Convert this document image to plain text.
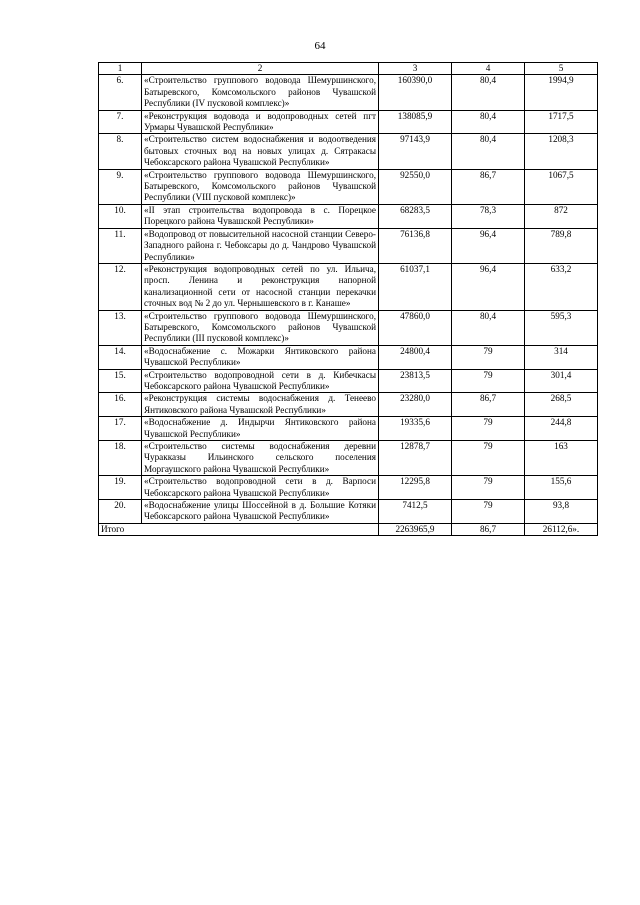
64
1	2	3	4	5
6.	«Строительство группового водовода Шемуршинского, Батыревского, Комсомольского районов Чувашской Республики (IV пусковой комплекс)»	160390,0	80,4	1994,9
7.	«Реконструкция водовода и водопроводных сетей пгт Урмары Чувашской Республики»	138085,9	80,4	1717,5
8.	«Строительство систем водоснабжения и водоотведения бытовых сточных вод на новых улицах д. Сятракасы Чебоксарского района Чувашской Республики»	97143,9	80,4	1208,3
9.	«Строительство группового водовода Шемуршинского, Батыревского, Комсомольского районов Чувашской Республики (VIII пусковой комплекс)»	92550,0	86,7	1067,5
10.	«II этап строительства водопровода в с. Порецкое Порецкого района Чувашской Республики»	68283,5	78,3	872
11.	«Водопровод от повысительной насосной станции Северо-Западного района г. Чебоксары до д. Чандрово Чувашской Республики»	76136,8	96,4	789,8
12.	«Реконструкция водопроводных сетей по ул. Ильича, просп. Ленина и реконструкция напорной канализационной сети от насосной станции перекачки сточных вод № 2 до ул. Чернышевского в г. Канаше»	61037,1	96,4	633,2
13.	«Строительство группового водовода Шемуршинского, Батыревского, Комсомольского районов Чувашской Республики (III пусковой комплекс)»	47860,0	80,4	595,3
14.	«Водоснабжение с. Можарки Янтиковского района Чувашской Республики»	24800,4	79	314
15.	«Строительство водопроводной сети в д. Кибечкасы Чебоксарского района Чувашской Республики»	23813,5	79	301,4
16.	«Реконструкция системы водоснабжения д. Тенеево Янтиковского района Чувашской Республики»	23280,0	86,7	268,5
17.	«Водоснабжение д. Индырчи Янтиковского района Чувашской Республики»	19335,6	79	244,8
18.	«Строительство системы водоснабжения деревни Чуракказы Ильинского сельского поселения Моргаушского района Чувашской Республики»	12878,7	79	163
19.	«Строительство водопроводной сети в д. Варпоси Чебоксарского района Чувашской Республики»	12295,8	79	155,6
20.	«Водоснабжение улицы Шоссейной в д. Большие Котяки Чебоксарского района Чувашской Республики»	7412,5	79	93,8
Итого		2263965,9	86,7	26112,6».
